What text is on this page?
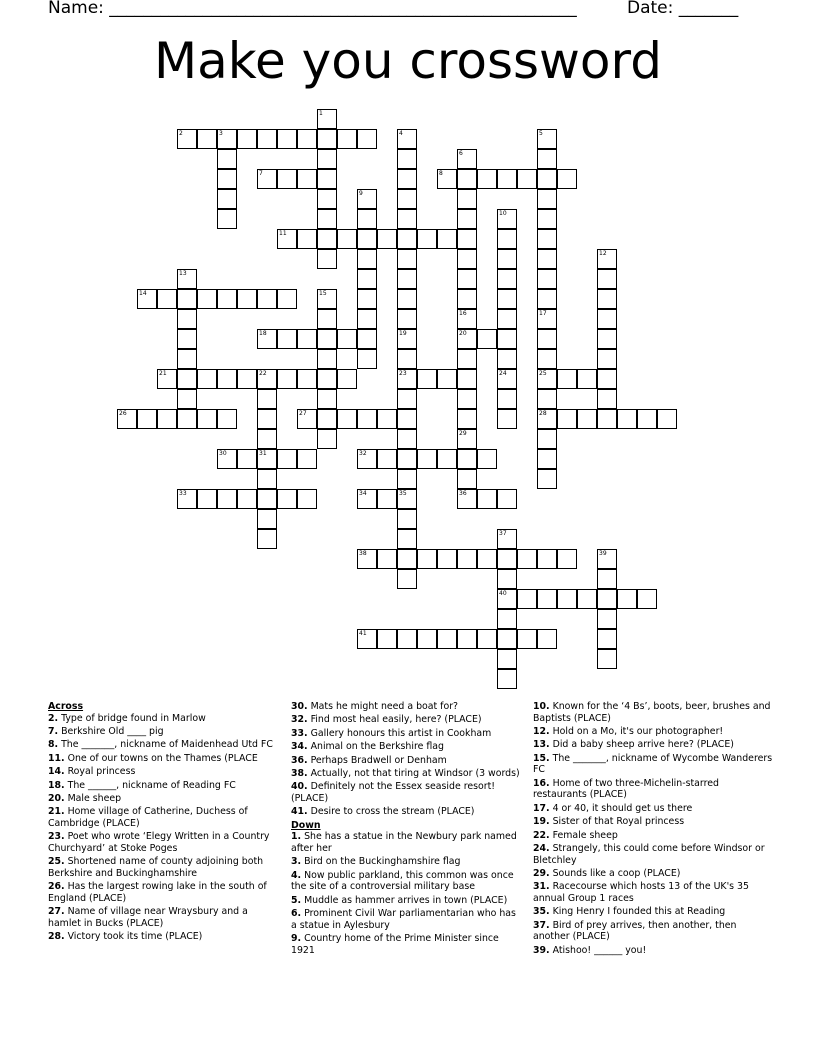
Name: _______________________________________________________	Date: _______
Make you crossword
1
2	3	4
19
5
17
25
28
6
16
20
29
36
7	8
9
10
11
12
13
14	15
18
23
21	22	24
26	27
30	31	32
33	34	35
37
40
38	39
41
Across
2. Type of bridge found in Marlow
7. Berkshire Old ____ pig
8. The _______, nickname of Maidenhead Utd FC
11. One of our towns on the Thames (PLACE
14. Royal princess
18. The ______, nickname of Reading FC
20. Male sheep
21. Home village of Catherine, Duchess of Cambridge (PLACE)
23. Poet who wrote ‘Elegy Written in a Country Churchyard’ at Stoke Poges
25. Shortened name of county adjoining both Berkshire and Buckinghamshire
26. Has the largest rowing lake in the south of England (PLACE)
27. Name of village near Wraysbury and a hamlet in Bucks (PLACE)
28. Victory took its time (PLACE)
30. Mats he might need a boat for?
32. Find most heal easily, here? (PLACE)
33. Gallery honours this artist in Cookham
34. Animal on the Berkshire flag
36. Perhaps Bradwell or Denham
38. Actually, not that tiring at Windsor (3 words)
40. Definitely not the Essex seaside resort! (PLACE)
41. Desire to cross the stream (PLACE)
Down
1. She has a statue in the Newbury park named after her
3. Bird on the Buckinghamshire flag
4. Now public parkland, this common was once the site of a controversial military base
5. Muddle as hammer arrives in town (PLACE)
6. Prominent Civil War parliamentarian who has a statue in Aylesbury
9. Country home of the Prime Minister since 1921
10. Known for the ‘4 Bs’, boots, beer, brushes and Baptists (PLACE)
12. Hold on a Mo, it's our photographer!
13. Did a baby sheep arrive here? (PLACE)
15. The _______, nickname of Wycombe Wanderers FC
16. Home of two three-Michelin-starred restaurants (PLACE)
17. 4 or 40, it should get us there
19. Sister of that Royal princess
22. Female sheep
24. Strangely, this could come before Windsor or Bletchley
29. Sounds like a coop (PLACE)
31. Racecourse which hosts 13 of the UK's 35 annual Group 1 races
35. King Henry I founded this at Reading
37. Bird of prey arrives, then another, then another (PLACE)
39. Atishoo! ______ you!
